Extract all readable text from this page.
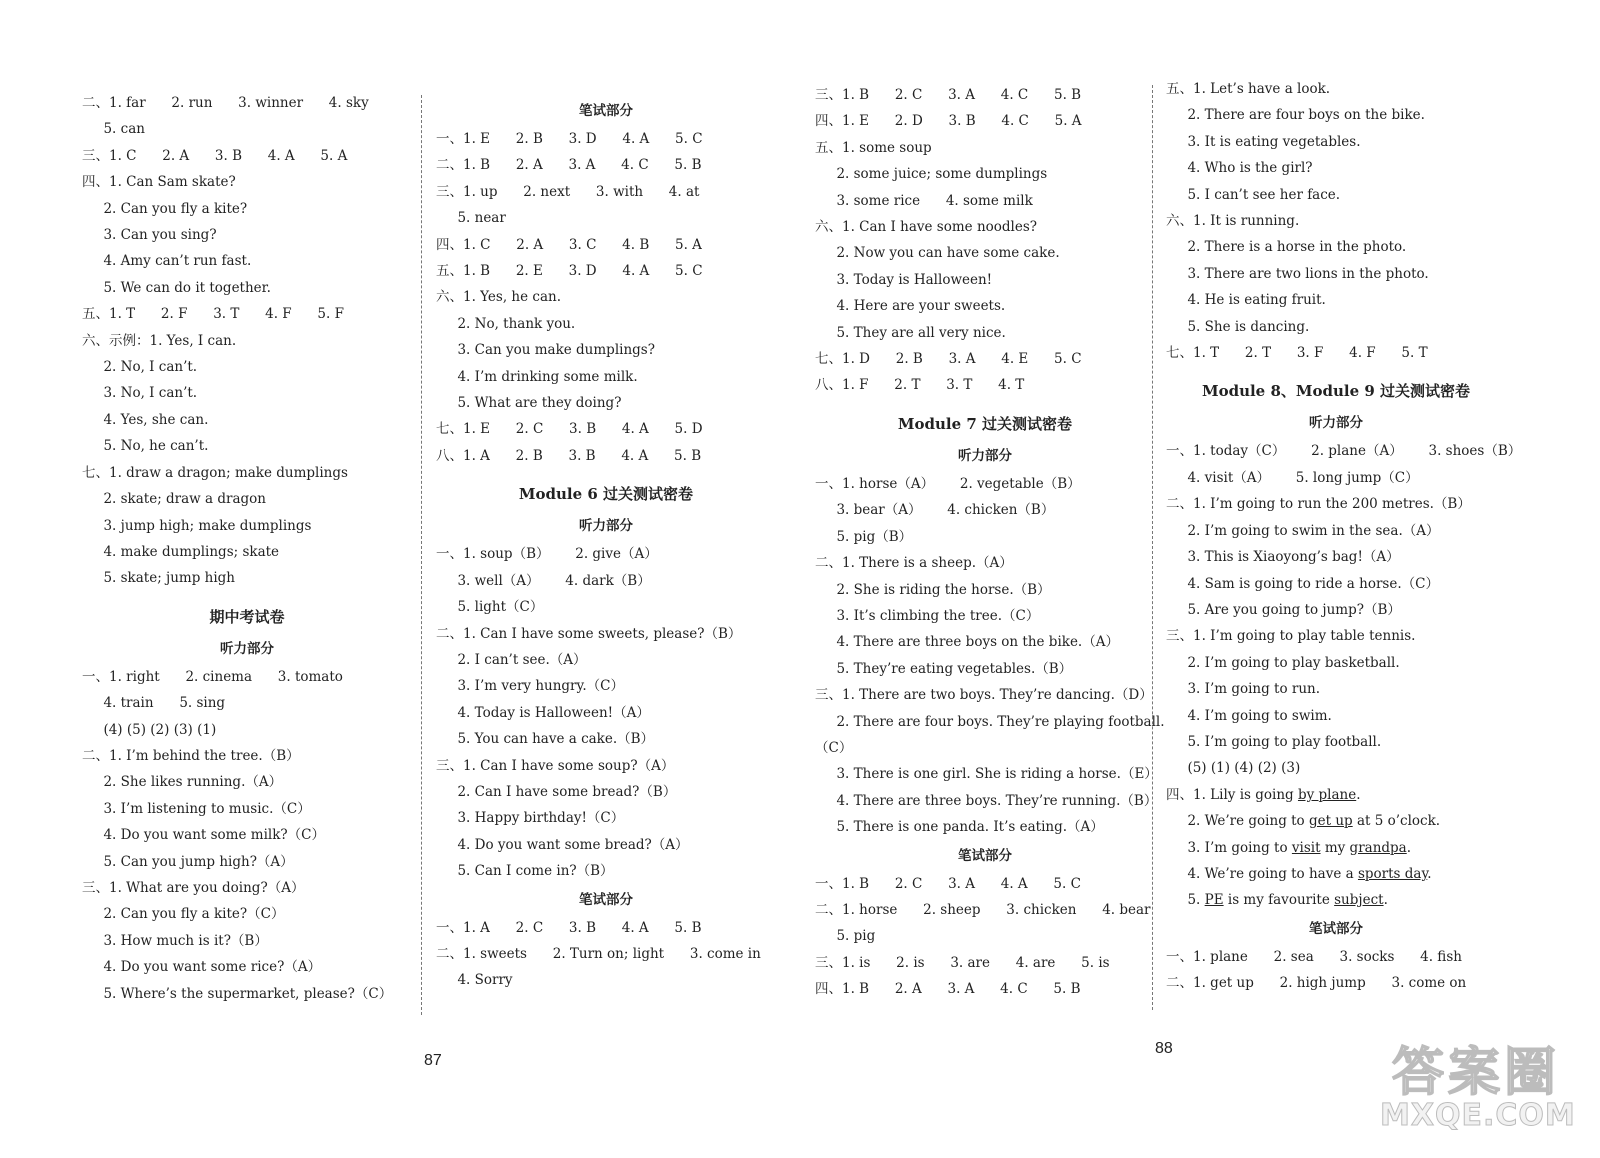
二、1. far      2. run      3. winner      4. sky
5. can
三、1. C      2. A      3. B      4. A      5. A
四、1. Can Sam skate?
2. Can you fly a kite?
3. Can you sing?
4. Amy can’t run fast.
5. We can do it together.
五、1. T      2. F      3. T      4. F      5. F
六、示例：1. Yes, I can.
2. No, I can’t.
3. No, I can’t.
4. Yes, she can.
5. No, he can’t.
七、1. draw a dragon; make dumplings
2. skate; draw a dragon
3. jump high; make dumplings
4. make dumplings; skate
5. skate; jump high
期中考试卷
听力部分
一、1. right      2. cinema      3. tomato
4. train      5. sing
(4) (5) (2) (3) (1)
二、1. I’m behind the tree.（B）
2. She likes running.（A）
3. I’m listening to music.（C）
4. Do you want some milk?（C）
5. Can you jump high?（A）
三、1. What are you doing?（A）
2. Can you fly a kite?（C）
3. How much is it?（B）
4. Do you want some rice?（A）
5. Where’s the supermarket, please?（C）
笔试部分
一、1. E      2. B      3. D      4. A      5. C
二、1. B      2. A      3. A      4. C      5. B
三、1. up      2. next      3. with      4. at
5. near
四、1. C      2. A      3. C      4. B      5. A
五、1. B      2. E      3. D      4. A      5. C
六、1. Yes, he can.
2. No, thank you.
3. Can you make dumplings?
4. I’m drinking some milk.
5. What are they doing?
七、1. E      2. C      3. B      4. A      5. D
八、1. A      2. B      3. B      4. A      5. B
Module 6 过关测试密卷
听力部分
一、1. soup（B）      2. give（A）
3. well（A）      4. dark（B）
5. light（C）
二、1. Can I have some sweets, please?（B）
2. I can’t see.（A）
3. I’m very hungry.（C）
4. Today is Halloween!（A）
5. You can have a cake.（B）
三、1. Can I have some soup?（A）
2. Can I have some bread?（B）
3. Happy birthday!（C）
4. Do you want some bread?（A）
5. Can I come in?（B）
笔试部分
一、1. A      2. C      3. B      4. A      5. B
二、1. sweets      2. Turn on; light      3. come in
4. Sorry
87
三、1. B      2. C      3. A      4. C      5. B
四、1. E      2. D      3. B      4. C      5. A
五、1. some soup
2. some juice; some dumplings
3. some rice      4. some milk
六、1. Can I have some noodles?
2. Now you can have some cake.
3. Today is Halloween!
4. Here are your sweets.
5. They are all very nice.
七、1. D      2. B      3. A      4. E      5. C
八、1. F      2. T      3. T      4. T
Module 7 过关测试密卷
听力部分
一、1. horse（A）      2. vegetable（B）
3. bear（A）      4. chicken（B）
5. pig（B）
二、1. There is a sheep.（A）
2. She is riding the horse.（B）
3. It’s climbing the tree.（C）
4. There are three boys on the bike.（A）
5. They’re eating vegetables.（B）
三、1. There are two boys. They’re dancing.（D）
2. There are four boys. They’re playing football.
（C）
3. There is one girl. She is riding a horse.（E）
4. There are three boys. They’re running.（B）
5. There is one panda. It’s eating.（A）
笔试部分
一、1. B      2. C      3. A      4. A      5. C
二、1. horse      2. sheep      3. chicken      4. bear
5. pig
三、1. is      2. is      3. are      4. are      5. is
四、1. B      2. A      3. A      4. C      5. B
五、1. Let’s have a look.
2. There are four boys on the bike.
3. It is eating vegetables.
4. Who is the girl?
5. I can’t see her face.
六、1. It is running.
2. There is a horse in the photo.
3. There are two lions in the photo.
4. He is eating fruit.
5. She is dancing.
七、1. T      2. T      3. F      4. F      5. T
Module 8、Module 9 过关测试密卷
听力部分
一、1. today（C）      2. plane（A）      3. shoes（B）
4. visit（A）      5. long jump（C）
二、1. I’m going to run the 200 metres.（B）
2. I’m going to swim in the sea.（A）
3. This is Xiaoyong’s bag!（A）
4. Sam is going to ride a horse.（C）
5. Are you going to jump?（B）
三、1. I’m going to play table tennis.
2. I’m going to play basketball.
3. I’m going to run.
4. I’m going to swim.
5. I’m going to play football.
(5) (1) (4) (2) (3)
四、1. Lily is going by plane.
2. We’re going to get up at 5 o’clock.
3. I’m going to visit my grandpa.
4. We’re going to have a sports day.
5. PE is my favourite subject.
笔试部分
一、1. plane      2. sea      3. socks      4. fish
二、1. get up      2. high jump      3. come on
88	答案圈
MXQE.COM
